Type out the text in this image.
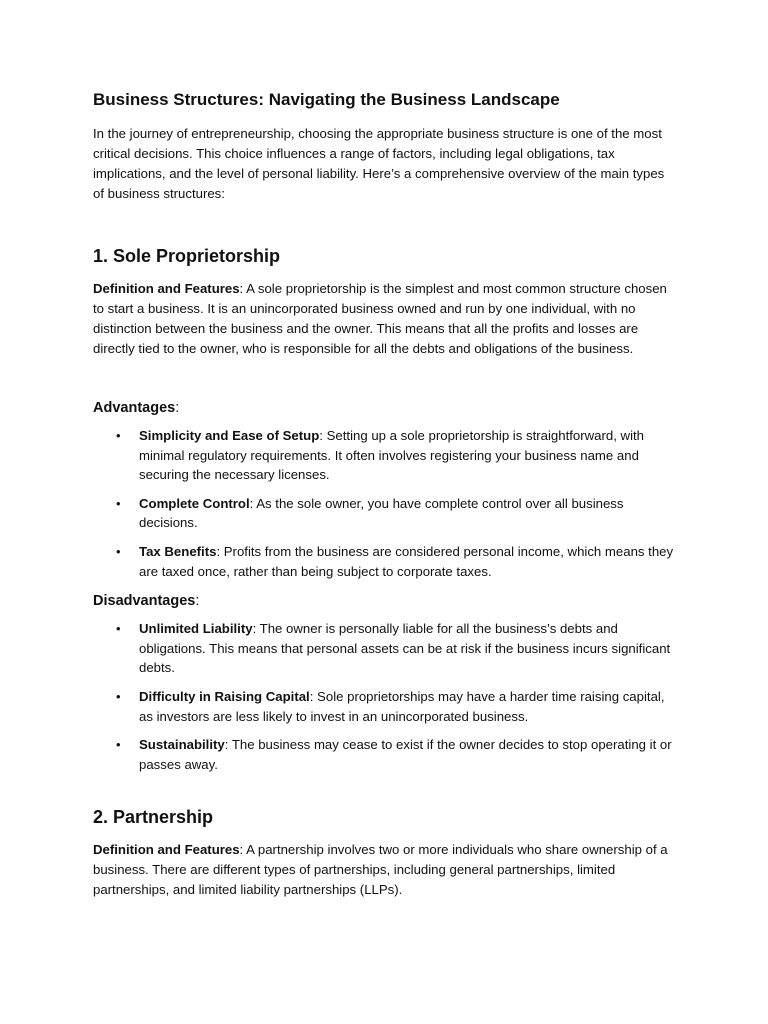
Business Structures: Navigating the Business Landscape

In the journey of entrepreneurship, choosing the appropriate business structure is one of the most critical decisions. This choice influences a range of factors, including legal obligations, tax implications, and the level of personal liability. Here’s a comprehensive overview of the main types of business structures:

1. Sole Proprietorship

Definition and Features: A sole proprietorship is the simplest and most common structure chosen to start a business. It is an unincorporated business owned and run by one individual, with no distinction between the business and the owner. This means that all the profits and losses are directly tied to the owner, who is responsible for all the debts and obligations of the business.

Advantages:
• Simplicity and Ease of Setup: Setting up a sole proprietorship is straightforward, with minimal regulatory requirements. It often involves registering your business name and securing the necessary licenses.
• Complete Control: As the sole owner, you have complete control over all business decisions.
• Tax Benefits: Profits from the business are considered personal income, which means they are taxed once, rather than being subject to corporate taxes.
Disadvantages:
• Unlimited Liability: The owner is personally liable for all the business’s debts and obligations. This means that personal assets can be at risk if the business incurs significant debts.
• Difficulty in Raising Capital: Sole proprietorships may have a harder time raising capital, as investors are less likely to invest in an unincorporated business.
• Sustainability: The business may cease to exist if the owner decides to stop operating it or passes away.
2. Partnership

Definition and Features: A partnership involves two or more individuals who share ownership of a business. There are different types of partnerships, including general partnerships, limited partnerships, and limited liability partnerships (LLPs).
